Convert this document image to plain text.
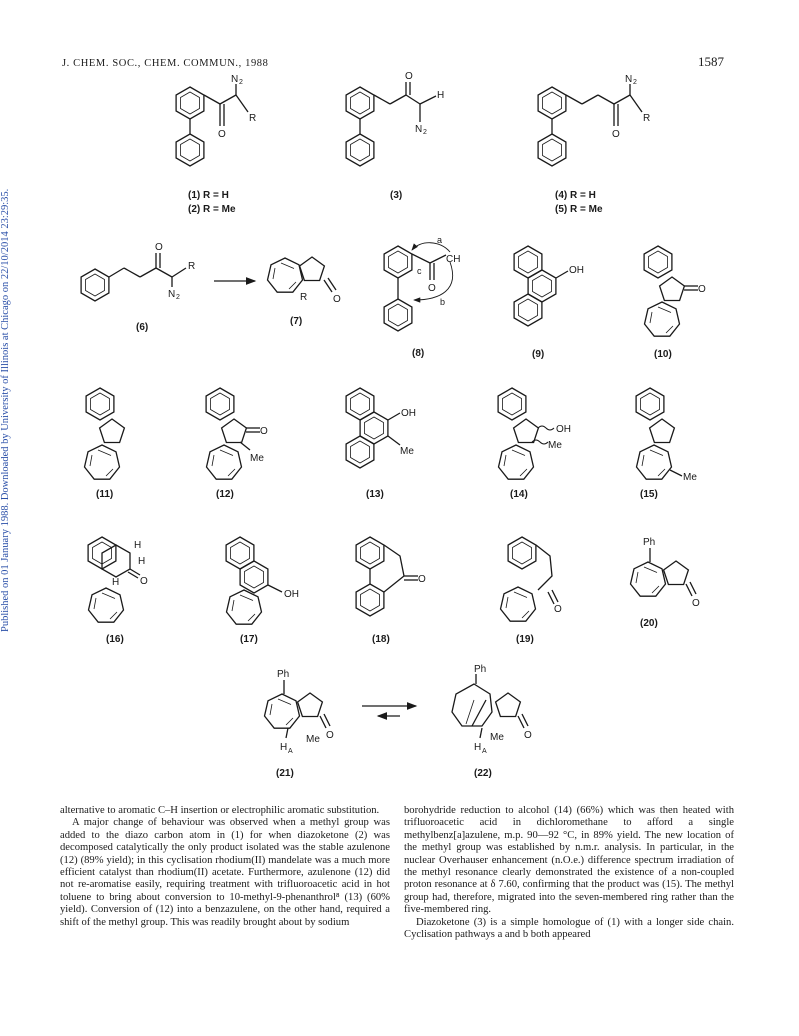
Published on 01 January 1988. Downloaded by University of Illinois at Chicago on 22/10/2014 23:29:35.
J. CHEM. SOC., CHEM. COMMUN., 1988	1587
N 2
R
O
(1) R = H
(2) R = Me
O
H
N 2
(3)
N 2
R
O
(4) R = H
(5) R = Me
O
R
N 2
(6)
R	O
(7)
CH
O
a
b
c
(8)
OH
(9)
O
(10)
(11)
O
Me
(12)
OH
Me
(13)
OH
Me
(14)
Me
(15)
H
H
H O
(16)
OH
(17)
O
(18)
O
(19)
Ph
O
(20)
Ph
Me O
H A
(21)
Ph
Me O
H A
(22)

alternative to aromatic C–H insertion or electrophilic aromatic substitution.

A major change of behaviour was observed when a methyl group was added to the diazo carbon atom in (1) for when diazoketone (2) was decomposed catalytically the only product isolated was the stable azulenone (12) (89% yield); in this cyclisation rhodium(II) mandelate was a much more efficient catalyst than rhodium(II) acetate. Furthermore, azulenone (12) did not re-aromatise easily, requiring treatment with trifluoroacetic acid in hot toluene to bring about conversion to 10-methyl-9-phenanthrol⁸ (13) (60% yield). Conversion of (12) into a benzazulene, on the other hand, required a shift of the methyl group. This was readily brought about by sodium

borohydride reduction to alcohol (14) (66%) which was then heated with trifluoroacetic acid in dichloromethane to afford a single methylbenz[a]azulene, m.p. 90—92 °C, in 89% yield. The new location of the methyl group was established by n.m.r. analysis. In particular, in the nuclear Overhauser enhancement (n.O.e.) difference spectrum irradiation of the methyl resonance clearly demonstrated the existence of a non-coupled proton resonance at δ 7.60, confirming that the product was (15). The methyl group had, therefore, migrated into the seven-membered ring rather than the five-membered ring.

Diazoketone (3) is a simple homologue of (1) with a longer side chain. Cyclisation pathways a and b both appeared
